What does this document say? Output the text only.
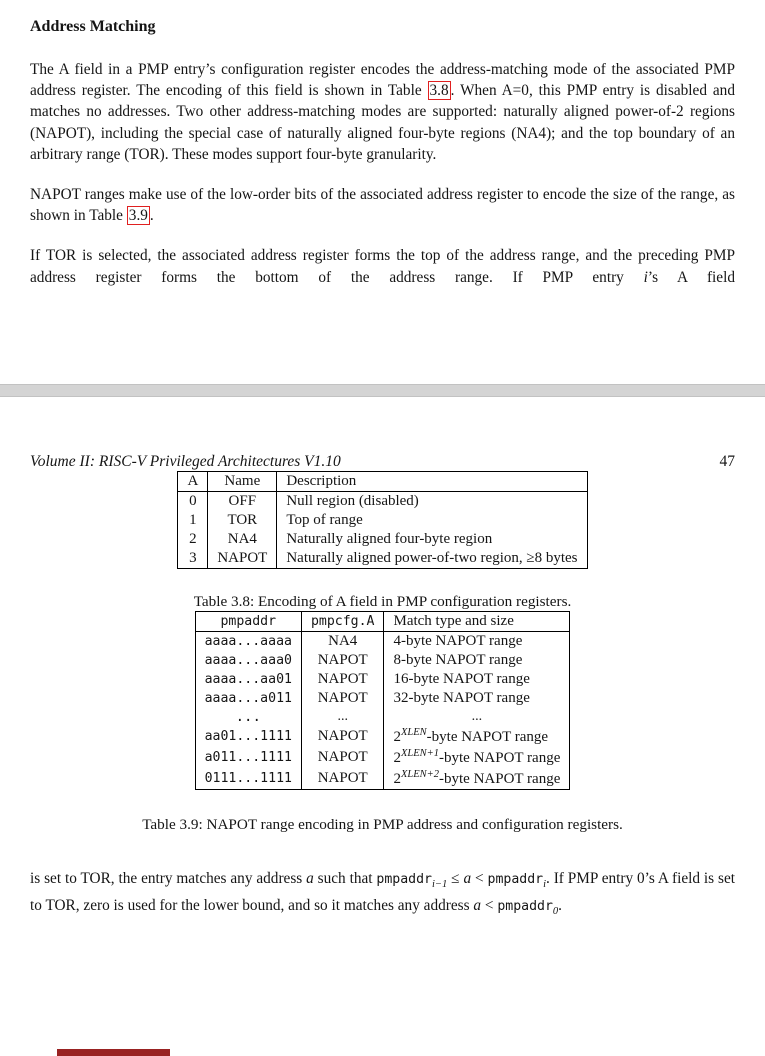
Address Matching

The A field in a PMP entry’s configuration register encodes the address-matching mode of the associated PMP address register. The encoding of this field is shown in Table 3.8 . When A=0, this PMP entry is disabled and matches no addresses. Two other address-matching modes are supported: naturally aligned power-of-2 regions (NAPOT), including the special case of naturally aligned four-byte regions (NA4); and the top boundary of an arbitrary range (TOR). These modes support four-byte granularity.

NAPOT ranges make use of the low-order bits of the associated address register to encode the size of the range, as shown in Table 3.9 .

If TOR is selected, the associated address register forms the top of the address range, and the preceding PMP address register forms the bottom of the address range. If PMP entry i’s A field

Volume II: RISC-V Privileged Architectures V1.10	47
A	Name	Description
0	OFF	Null region (disabled)
1	TOR	Top of range
2	NA4	Naturally aligned four-byte region
3	NAPOT	Naturally aligned power-of-two region, ≥8 bytes
Table 3.8: Encoding of A field in PMP configuration registers.
pmpaddr	pmpcfg.A	Match type and size
aaaa...aaaa	NA4	4-byte NAPOT range
aaaa...aaa0	NAPOT	8-byte NAPOT range
aaaa...aa01	NAPOT	16-byte NAPOT range
aaaa...a011	NAPOT	32-byte NAPOT range
...	...	...
aa01...1111	NAPOT	$2^{XLEN}$-byte NAPOT range
a011...1111	NAPOT	$2^{XLEN+1}$-byte NAPOT range
0111...1111	NAPOT	$2^{XLEN+2}$-byte NAPOT range
Table 3.9: NAPOT range encoding in PMP address and configuration registers.

is set to TOR, the entry matches any address a such that pmpaddr$_{i-1}$ ≤ a < pmpaddr$_i$. If PMP entry 0’s A field is set to TOR, zero is used for the lower bound, and so it matches any address a < pmpaddr$_0$.
